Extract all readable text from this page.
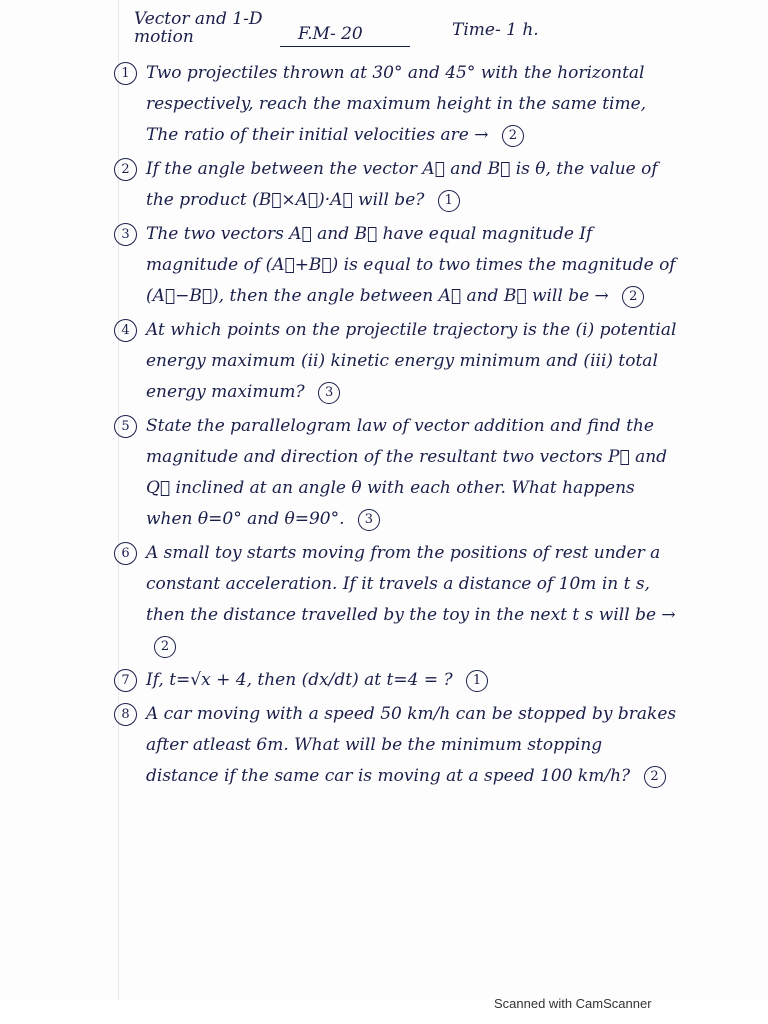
Vector and 1-D motion	F.M- 20	Time- 1 h.
1 Two projectiles thrown at 30° and 45° with the horizontal respectively, reach the maximum height in the same time, The ratio of their initial velocities are → 2
2 If the angle between the vector A⃗ and B⃗ is θ, the value of the product (B⃗×A⃗)·A⃗ will be? 1
3 The two vectors A⃗ and B⃗ have equal magnitude If magnitude of (A⃗+B⃗) is equal to two times the magnitude of (A⃗−B⃗), then the angle between A⃗ and B⃗ will be → 2
4 At which points on the projectile trajectory is the (i) potential energy maximum (ii) kinetic energy minimum and (iii) total energy maximum? 3
5 State the parallelogram law of vector addition and find the magnitude and direction of the resultant two vectors P⃗ and Q⃗ inclined at an angle θ with each other. What happens when θ=0° and θ=90°. 3
6 A small toy starts moving from the positions of rest under a constant acceleration. If it travels a distance of 10m in t s, then the distance travelled by the toy in the next t s will be → 2
7 If, t=√x + 4, then (dx/dt) at t=4 = ? 1
8 A car moving with a speed 50 km/h can be stopped by brakes after atleast 6m. What will be the minimum stopping distance if the same car is moving at a speed 100 km/h? 2
Scanned with CamScanner
